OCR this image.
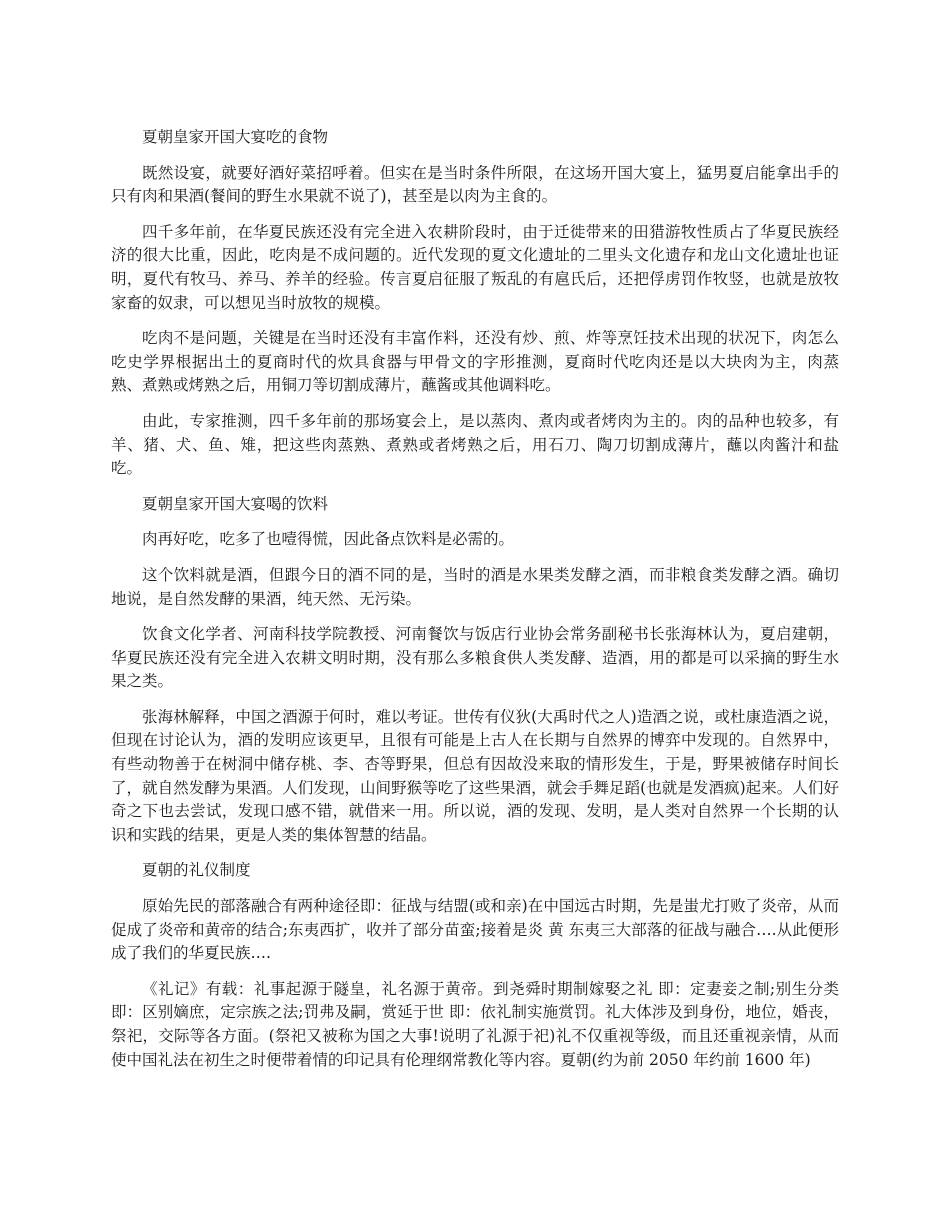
夏朝皇家开国大宴吃的食物

既然设宴，就要好酒好菜招呼着。但实在是当时条件所限，在这场开国大宴上，猛男夏启能拿出手的只有肉和果酒(餐间的野生水果就不说了)，甚至是以肉为主食的。

四千多年前，在华夏民族还没有完全进入农耕阶段时，由于迁徙带来的田猎游牧性质占了华夏民族经济的很大比重，因此，吃肉是不成问题的。近代发现的夏文化遗址的二里头文化遗存和龙山文化遗址也证明，夏代有牧马、养马、养羊的经验。传言夏启征服了叛乱的有扈氏后，还把俘虏罚作牧竖，也就是放牧家畜的奴隶，可以想见当时放牧的规模。

吃肉不是问题，关键是在当时还没有丰富作料，还没有炒、煎、炸等烹饪技术出现的状况下，肉怎么吃史学界根据出土的夏商时代的炊具食器与甲骨文的字形推测，夏商时代吃肉还是以大块肉为主，肉蒸熟、煮熟或烤熟之后，用铜刀等切割成薄片，蘸酱或其他调料吃。

由此，专家推测，四千多年前的那场宴会上，是以蒸肉、煮肉或者烤肉为主的。肉的品种也较多，有羊、猪、犬、鱼、雉，把这些肉蒸熟、煮熟或者烤熟之后，用石刀、陶刀切割成薄片，蘸以肉酱汁和盐吃。

夏朝皇家开国大宴喝的饮料

肉再好吃，吃多了也噎得慌，因此备点饮料是必需的。

这个饮料就是酒，但跟今日的酒不同的是，当时的酒是水果类发酵之酒，而非粮食类发酵之酒。确切地说，是自然发酵的果酒，纯天然、无污染。

饮食文化学者、河南科技学院教授、河南餐饮与饭店行业协会常务副秘书长张海林认为，夏启建朝，华夏民族还没有完全进入农耕文明时期，没有那么多粮食供人类发酵、造酒，用的都是可以采摘的野生水果之类。

张海林解释，中国之酒源于何时，难以考证。世传有仪狄(大禹时代之人)造酒之说，或杜康造酒之说，但现在讨论认为，酒的发明应该更早，且很有可能是上古人在长期与自然界的博弈中发现的。自然界中，有些动物善于在树洞中储存桃、李、杏等野果，但总有因故没来取的情形发生，于是，野果被储存时间长了，就自然发酵为果酒。人们发现，山间野猴等吃了这些果酒，就会手舞足蹈(也就是发酒疯)起来。人们好奇之下也去尝试，发现口感不错，就借来一用。所以说，酒的发现、发明，是人类对自然界一个长期的认识和实践的结果，更是人类的集体智慧的结晶。

夏朝的礼仪制度

原始先民的部落融合有两种途径即：征战与结盟(或和亲)在中国远古时期，先是蚩尤打败了炎帝，从而促成了炎帝和黄帝的结合;东夷西扩，收并了部分苗蛮;接着是炎 黄 东夷三大部落的征战与融合….从此便形成了我们的华夏民族….

《礼记》有载：礼事起源于隧皇，礼名源于黄帝。到尧舜时期制嫁娶之礼 即：定妻妾之制;别生分类 即：区别嫡庶，定宗族之法;罚弗及嗣，赏延于世 即：依礼制实施赏罚。礼大体涉及到身份，地位，婚丧，祭祀，交际等各方面。(祭祀又被称为国之大事!说明了礼源于祀)礼不仅重视等级，而且还重视亲情，从而使中国礼法在初生之时便带着情的印记具有伦理纲常教化等内容。夏朝(约为前 2050 年约前 1600 年)
